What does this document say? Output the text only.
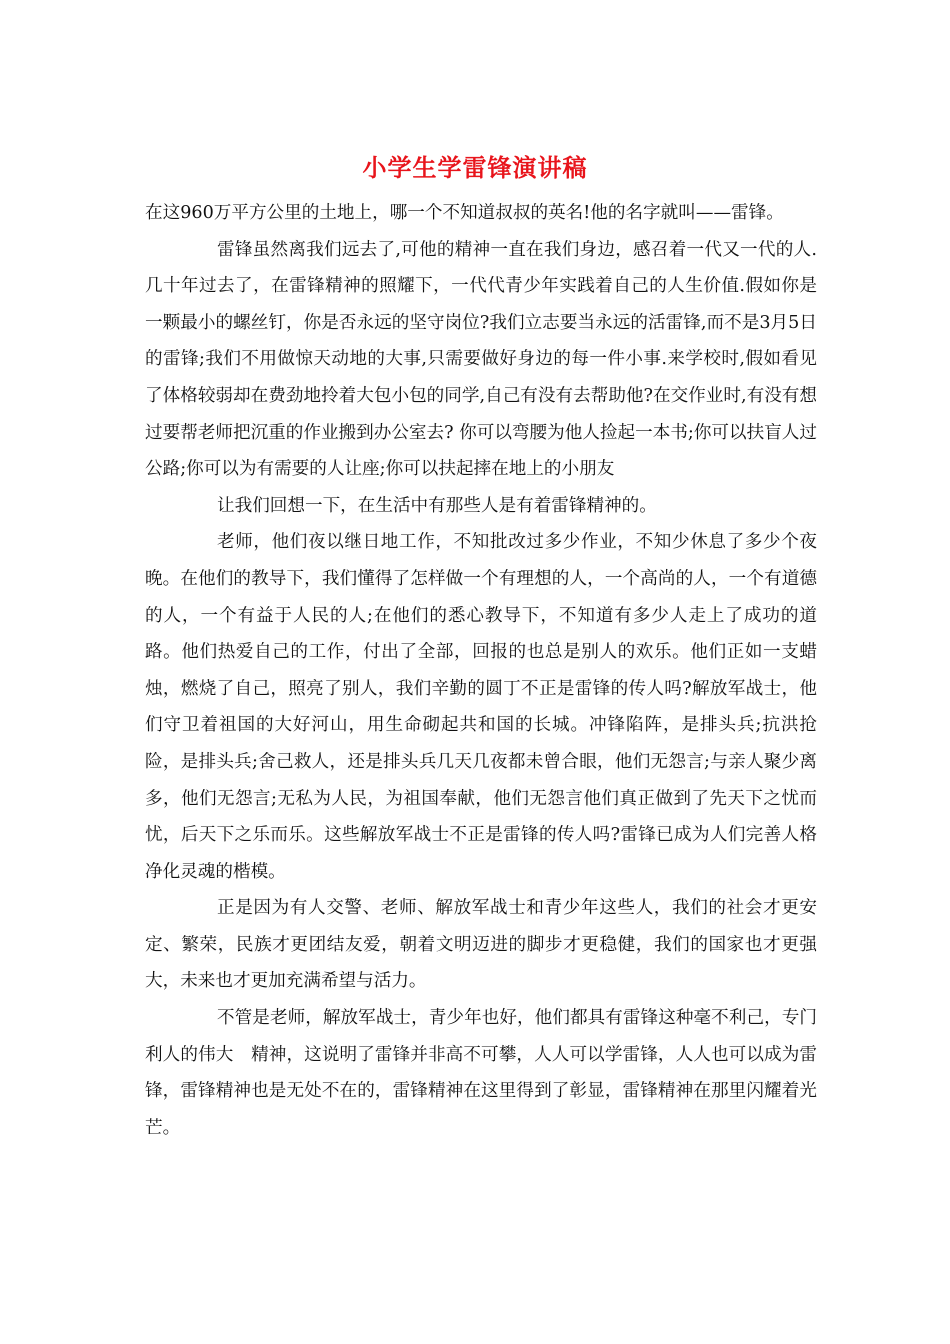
小学生学雷锋演讲稿

在这960万平方公里的土地上，哪一个不知道叔叔的英名!他的名字就叫——雷锋。

雷锋虽然离我们远去了,可他的精神一直在我们身边，感召着一代又一代的人.几十年过去了，在雷锋精神的照耀下，一代代青少年实践着自己的人生价值.假如你是一颗最小的螺丝钉，你是否永远的坚守岗位?我们立志要当永远的活雷锋,而不是3月5日的雷锋;我们不用做惊天动地的大事,只需要做好身边的每一件小事.来学校时,假如看见了体格较弱却在费劲地拎着大包小包的同学,自己有没有去帮助他?在交作业时,有没有想过要帮老师把沉重的作业搬到办公室去? 你可以弯腰为他人捡起一本书;你可以扶盲人过公路;你可以为有需要的人让座;你可以扶起摔在地上的小朋友

让我们回想一下，在生活中有那些人是有着雷锋精神的。

老师，他们夜以继日地工作，不知批改过多少作业，不知少休息了多少个夜晚。在他们的教导下，我们懂得了怎样做一个有理想的人，一个高尚的人，一个有道德的人，一个有益于人民的人;在他们的悉心教导下，不知道有多少人走上了成功的道路。他们热爱自己的工作，付出了全部，回报的也总是别人的欢乐。他们正如一支蜡烛，燃烧了自己，照亮了别人，我们辛勤的圆丁不正是雷锋的传人吗?解放军战士，他们守卫着祖国的大好河山，用生命砌起共和国的长城。冲锋陷阵，是排头兵;抗洪抢险，是排头兵;舍己救人，还是排头兵几天几夜都未曾合眼，他们无怨言;与亲人聚少离多，他们无怨言;无私为人民，为祖国奉献，他们无怨言他们真正做到了先天下之忧而忧，后天下之乐而乐。这些解放军战士不正是雷锋的传人吗?雷锋已成为人们完善人格净化灵魂的楷模。

正是因为有人交警、老师、解放军战士和青少年这些人，我们的社会才更安定、繁荣，民族才更团结友爱，朝着文明迈进的脚步才更稳健，我们的国家也才更强大，未来也才更加充满希望与活力。

不管是老师，解放军战士，青少年也好，他们都具有雷锋这种毫不利己，专门利人的伟大　精神，这说明了雷锋并非高不可攀，人人可以学雷锋，人人也可以成为雷锋，雷锋精神也是无处不在的，雷锋精神在这里得到了彰显，雷锋精神在那里闪耀着光芒。
